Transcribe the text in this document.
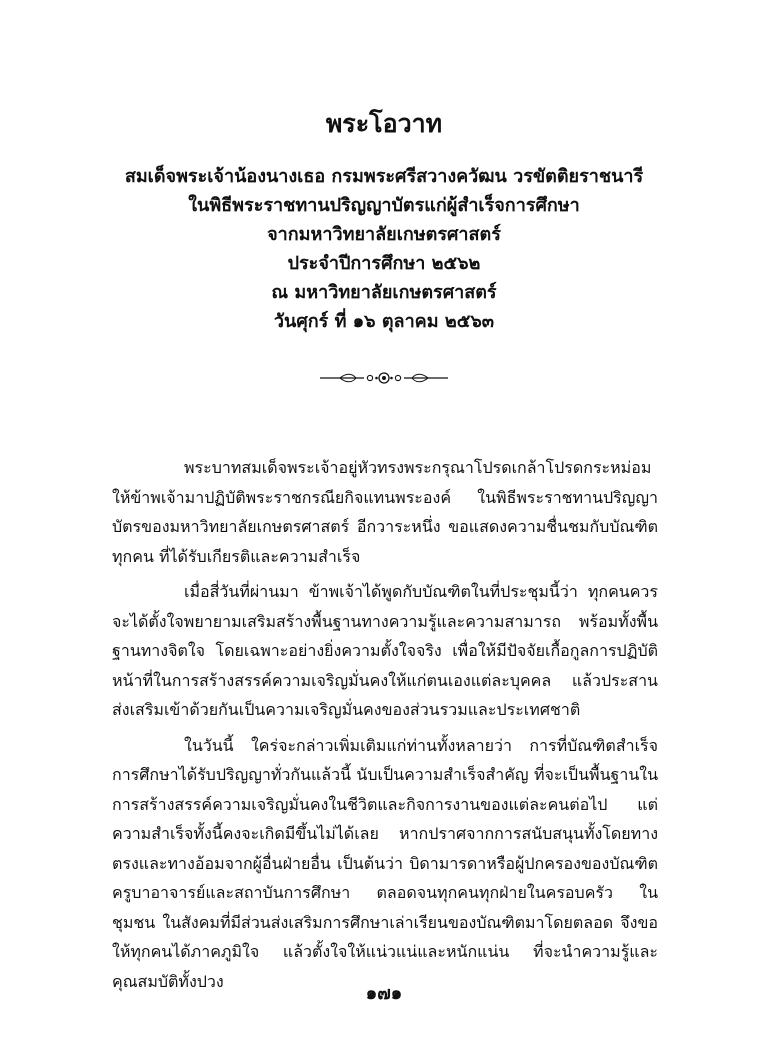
พระโอวาท
สมเด็จพระเจ้าน้องนางเธอ กรมพระศรีสวางควัฒน วรขัตติยราชนารี
ในพิธีพระราชทานปริญญาบัตรแก่ผู้สำเร็จการศึกษา
จากมหาวิทยาลัยเกษตรศาสตร์
ประจำปีการศึกษา ๒๕๖๒
ณ มหาวิทยาลัยเกษตรศาสตร์
วันศุกร์ ที่ ๑๖ ตุลาคม ๒๕๖๓

พระบาทสมเด็จพระเจ้าอยู่หัวทรงพระกรุณาโปรดเกล้าโปรดกระหม่อมให้ข้าพเจ้ามาปฏิบัติพระราชกรณียกิจแทนพระองค์ ในพิธีพระราชทานปริญญาบัตรของมหาวิทยาลัยเกษตรศาสตร์ อีกวาระหนึ่ง ขอแสดงความชื่นชมกับบัณฑิตทุกคน ที่ได้รับเกียรติและความสำเร็จ

เมื่อสี่วันที่ผ่านมา ข้าพเจ้าได้พูดกับบัณฑิตในที่ประชุมนี้ว่า ทุกคนควรจะได้ตั้งใจพยายามเสริมสร้างพื้นฐานทางความรู้และความสามารถ พร้อมทั้งพื้นฐานทางจิตใจ โดยเฉพาะอย่างยิ่งความตั้งใจจริง เพื่อให้มีปัจจัยเกื้อกูลการปฏิบัติหน้าที่ในการสร้างสรรค์ความเจริญมั่นคงให้แก่ตนเองแต่ละบุคคล แล้วประสานส่งเสริมเข้าด้วยกันเป็นความเจริญมั่นคงของส่วนรวมและประเทศชาติ

ในวันนี้ ใคร่จะกล่าวเพิ่มเติมแก่ท่านทั้งหลายว่า การที่บัณฑิตสำเร็จการศึกษาได้รับปริญญาทั่วกันแล้วนี้ นับเป็นความสำเร็จสำคัญ ที่จะเป็นพื้นฐานในการสร้างสรรค์ความเจริญมั่นคงในชีวิตและกิจการงานของแต่ละคนต่อไป แต่ความสำเร็จทั้งนี้คงจะเกิดมีขึ้นไม่ได้เลย หากปราศจากการสนับสนุนทั้งโดยทางตรงและทางอ้อมจากผู้อื่นฝ่ายอื่น เป็นต้นว่า บิดามารดาหรือผู้ปกครองของบัณฑิต ครูบาอาจารย์และสถาบันการศึกษา ตลอดจนทุกคนทุกฝ่ายในครอบครัว ในชุมชน ในสังคมที่มีส่วนส่งเสริมการศึกษาเล่าเรียนของบัณฑิตมาโดยตลอด จึงขอให้ทุกคนได้ภาคภูมิใจ แล้วตั้งใจให้แน่วแน่และหนักแน่น ที่จะนำความรู้และคุณสมบัติทั้งปวง

๑๗๑
